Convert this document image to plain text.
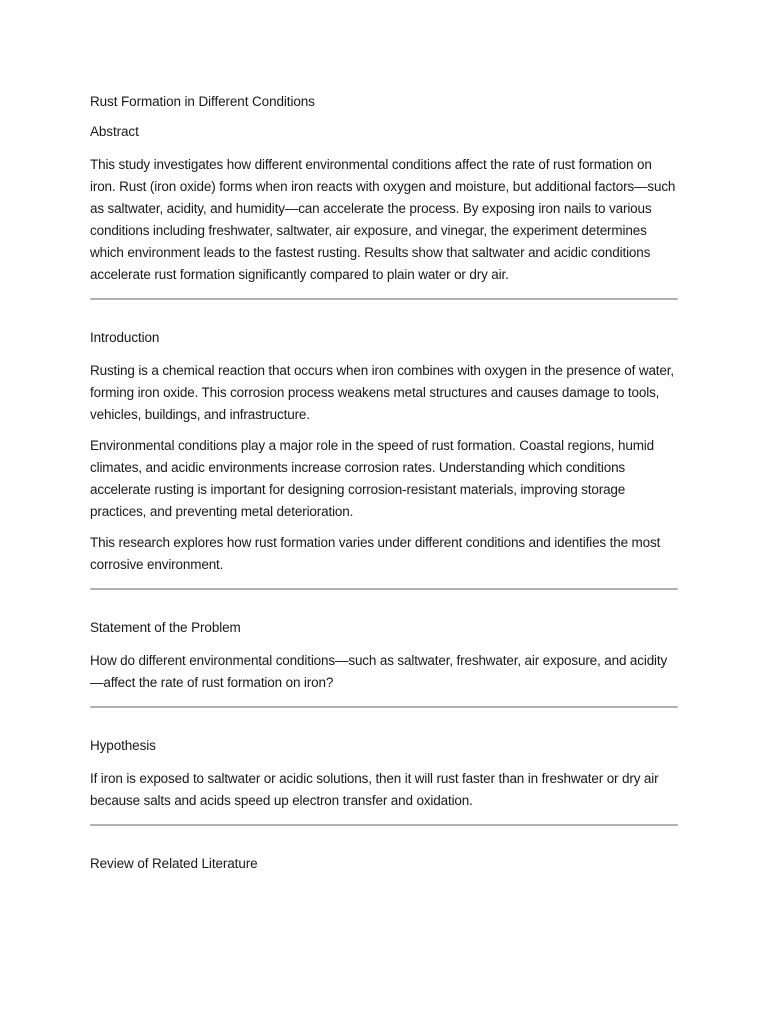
Rust Formation in Different Conditions
Abstract

This study investigates how different environmental conditions affect the rate of rust formation on iron. Rust (iron oxide) forms when iron reacts with oxygen and moisture, but additional factors—such as saltwater, acidity, and humidity—can accelerate the process. By exposing iron nails to various conditions including freshwater, saltwater, air exposure, and vinegar, the experiment determines which environment leads to the fastest rusting. Results show that saltwater and acidic conditions accelerate rust formation significantly compared to plain water or dry air.

Introduction

Rusting is a chemical reaction that occurs when iron combines with oxygen in the presence of water, forming iron oxide. This corrosion process weakens metal structures and causes damage to tools, vehicles, buildings, and infrastructure.

Environmental conditions play a major role in the speed of rust formation. Coastal regions, humid climates, and acidic environments increase corrosion rates. Understanding which conditions accelerate rusting is important for designing corrosion-resistant materials, improving storage practices, and preventing metal deterioration.

This research explores how rust formation varies under different conditions and identifies the most corrosive environment.

Statement of the Problem

How do different environmental conditions—such as saltwater, freshwater, air exposure, and acidity—affect the rate of rust formation on iron?

Hypothesis

If iron is exposed to saltwater or acidic solutions, then it will rust faster than in freshwater or dry air because salts and acids speed up electron transfer and oxidation.

Review of Related Literature
